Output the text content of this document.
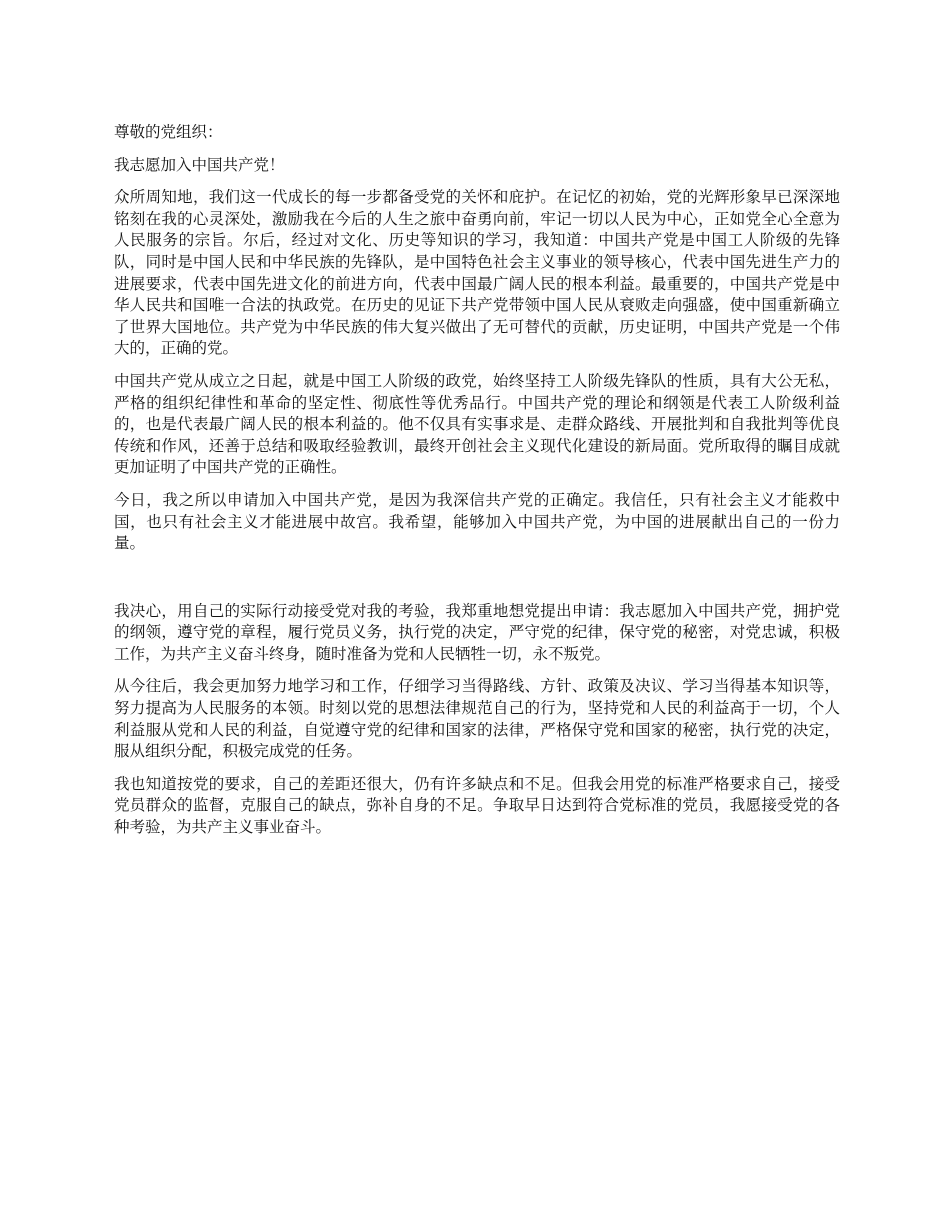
尊敬的党组织：

我志愿加入中国共产党！

众所周知地，我们这一代成长的每一步都备受党的关怀和庇护。在记忆的初始，党的光辉形象早已深深地铭刻在我的心灵深处，激励我在今后的人生之旅中奋勇向前，牢记一切以人民为中心，正如党全心全意为人民服务的宗旨。尔后，经过对文化、历史等知识的学习，我知道：中国共产党是中国工人阶级的先锋队，同时是中国人民和中华民族的先锋队，是中国特色社会主义事业的领导核心，代表中国先进生产力的进展要求，代表中国先进文化的前进方向，代表中国最广阔人民的根本利益。最重要的，中国共产党是中华人民共和国唯一合法的执政党。在历史的见证下共产党带领中国人民从衰败走向强盛，使中国重新确立了世界大国地位。共产党为中华民族的伟大复兴做出了无可替代的贡献，历史证明，中国共产党是一个伟大的，正确的党。

中国共产党从成立之日起，就是中国工人阶级的政党，始终坚持工人阶级先锋队的性质，具有大公无私，严格的组织纪律性和革命的坚定性、彻底性等优秀品行。中国共产党的理论和纲领是代表工人阶级利益的，也是代表最广阔人民的根本利益的。他不仅具有实事求是、走群众路线、开展批判和自我批判等优良传统和作风，还善于总结和吸取经验教训，最终开创社会主义现代化建设的新局面。党所取得的瞩目成就更加证明了中国共产党的正确性。

今日，我之所以申请加入中国共产党，是因为我深信共产党的正确定。我信任，只有社会主义才能救中国，也只有社会主义才能进展中故宫。我希望，能够加入中国共产党，为中国的进展献出自己的一份力量。

我决心，用自己的实际行动接受党对我的考验，我郑重地想党提出申请：我志愿加入中国共产党，拥护党的纲领，遵守党的章程，履行党员义务，执行党的决定，严守党的纪律，保守党的秘密，对党忠诚，积极工作，为共产主义奋斗终身，随时准备为党和人民牺牲一切，永不叛党。

从今往后，我会更加努力地学习和工作，仔细学习当得路线、方针、政策及决议、学习当得基本知识等，努力提高为人民服务的本领。时刻以党的思想法律规范自己的行为，坚持党和人民的利益高于一切，个人利益服从党和人民的利益，自觉遵守党的纪律和国家的法律，严格保守党和国家的秘密，执行党的决定，服从组织分配，积极完成党的任务。

我也知道按党的要求，自己的差距还很大，仍有许多缺点和不足。但我会用党的标准严格要求自己，接受党员群众的监督，克服自己的缺点，弥补自身的不足。争取早日达到符合党标准的党员，我愿接受党的各种考验，为共产主义事业奋斗。
